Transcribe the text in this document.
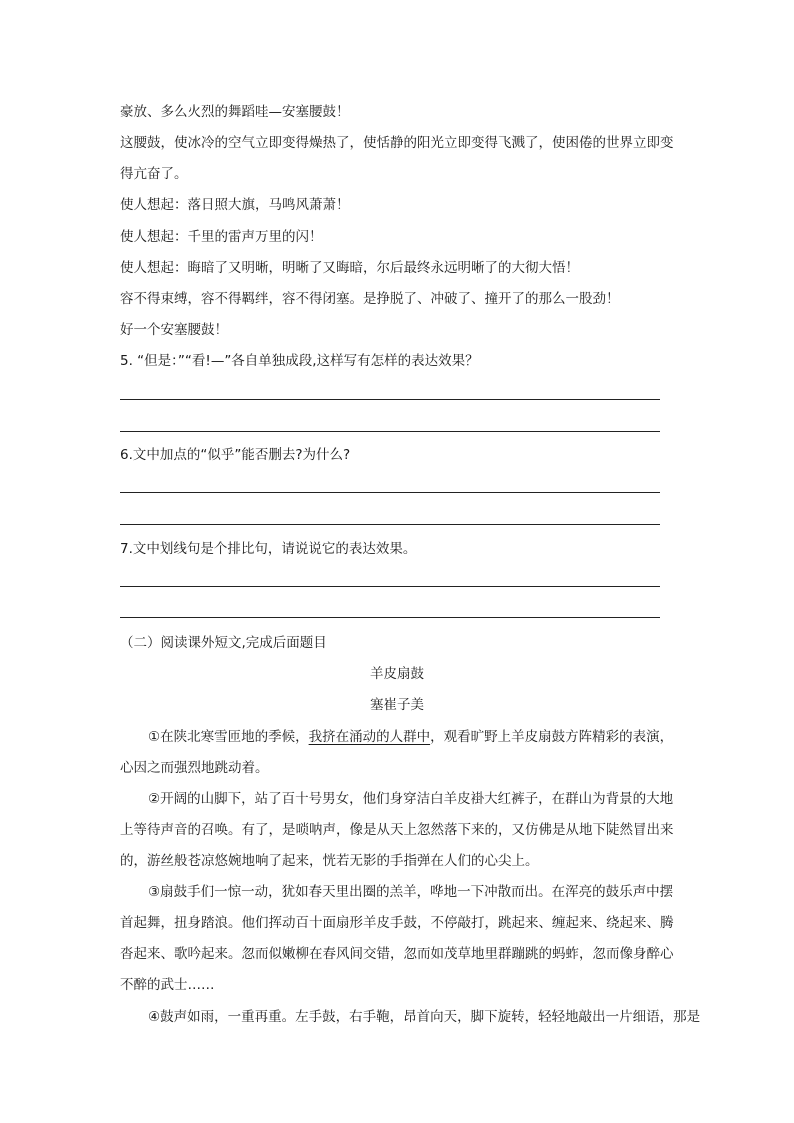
豪放、多么火烈的舞蹈哇—安塞腰鼓！
这腰鼓，使冰冷的空气立即变得燥热了，使恬静的阳光立即变得飞溅了，使困倦的世界立即变
得亢奋了。
使人想起：落日照大旗，马鸣风萧萧！
使人想起：千里的雷声万里的闪！
使人想起：晦暗了又明晰，明晰了又晦暗，尔后最终永远明晰了的大彻大悟！
容不得束缚，容不得羁绊，容不得闭塞。是挣脱了、冲破了、撞开了的那么一股劲！
好一个安塞腰鼓！
5. “但是：”“看!—”各自单独成段,这样写有怎样的表达效果？
6.文中加点的“似乎”能否删去?为什么?
7.文中划线句是个排比句，请说说它的表达效果。
（二）阅读课外短文,完成后面题目
羊皮扇鼓
塞崔子美
①在陕北寒雪匝地的季候，我挤在涌动的人群中，观看旷野上羊皮扇鼓方阵精彩的表演，
心因之而强烈地跳动着。
②开阔的山脚下，站了百十号男女，他们身穿洁白羊皮褂大红裤子，在群山为背景的大地
上等待声音的召唤。有了，是唢呐声，像是从天上忽然落下来的，又仿佛是从地下陡然冒出来
的，游丝般苍凉悠婉地响了起来，恍若无影的手指弹在人们的心尖上。
③扇鼓手们一惊一动，犹如春天里出圈的羔羊，哗地一下冲散而出。在浑亮的鼓乐声中摆
首起舞，扭身踏浪。他们挥动百十面扇形羊皮手鼓，不停敲打，跳起来、缠起来、绕起来、腾
沓起来、歌吟起来。忽而似嫩柳在春风间交错，忽而如茂草地里群蹦跳的蚂蚱，忽而像身醉心
不醉的武士……
④鼓声如雨，一重再重。左手鼓，右手鞄，昂首向天，脚下旋转，轻轻地敲出一片细语，那是
